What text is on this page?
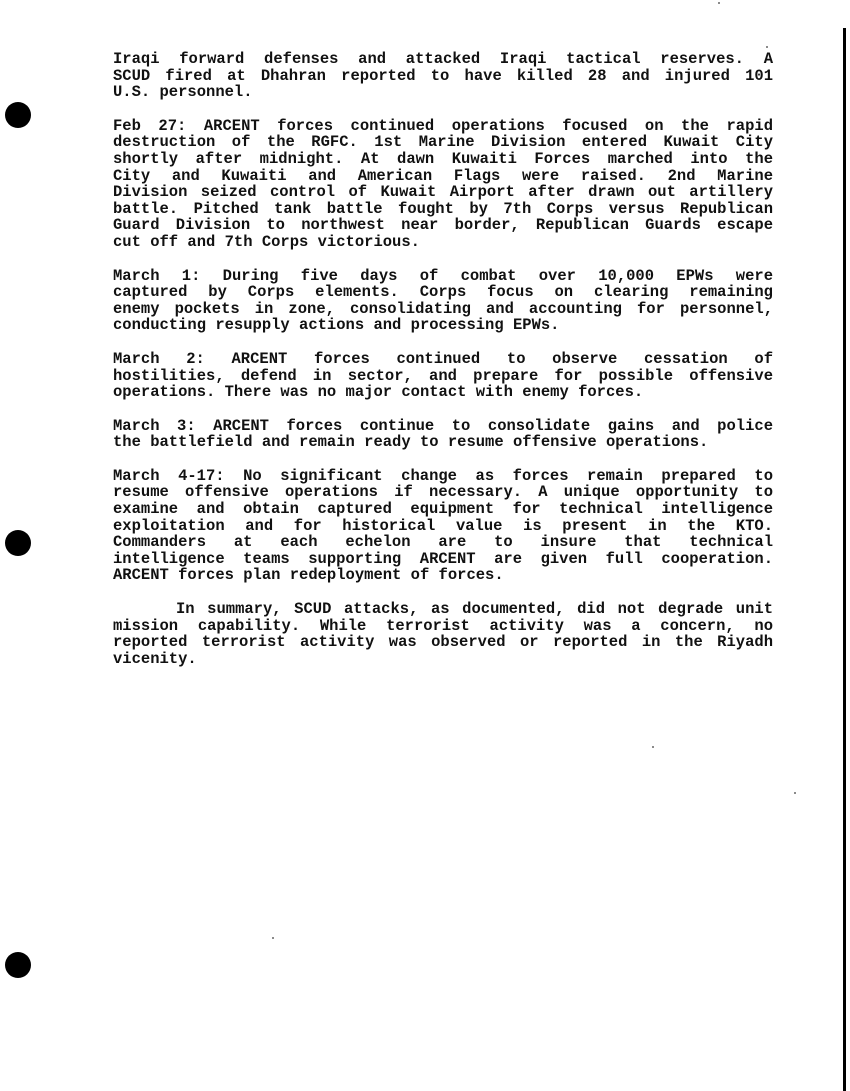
Iraqi forward defenses and attacked Iraqi tactical reserves. A
SCUD fired at Dhahran reported to have killed 28 and injured 101
U.S. personnel.

Feb 27: ARCENT forces continued operations focused on the rapid
destruction of the RGFC. 1st Marine Division entered Kuwait City
shortly after midnight. At dawn Kuwaiti Forces marched into the
City and Kuwaiti and American Flags were raised. 2nd Marine
Division seized control of Kuwait Airport after drawn out artillery
battle. Pitched tank battle fought by 7th Corps versus Republican
Guard Division to northwest near border, Republican Guards escape
cut off and 7th Corps victorious.

March 1: During five days of combat over 10,000 EPWs were
captured by Corps elements. Corps focus on clearing remaining
enemy pockets in zone, consolidating and accounting for personnel,
conducting resupply actions and processing EPWs.

March 2: ARCENT forces continued to observe cessation of
hostilities, defend in sector, and prepare for possible offensive
operations. There was no major contact with enemy forces.

March 3: ARCENT forces continue to consolidate gains and police
the battlefield and remain ready to resume offensive operations.

March 4-17: No significant change as forces remain prepared to
resume offensive operations if necessary. A unique opportunity to
examine and obtain captured equipment for technical intelligence
exploitation and for historical value is present in the KTO.
Commanders at each echelon are to insure that technical
intelligence teams supporting ARCENT are given full cooperation.
ARCENT forces plan redeployment of forces.

In summary, SCUD attacks, as documented, did not degrade unit
mission capability. While terrorist activity was a concern, no
reported terrorist activity was observed or reported in the Riyadh
vicenity.
